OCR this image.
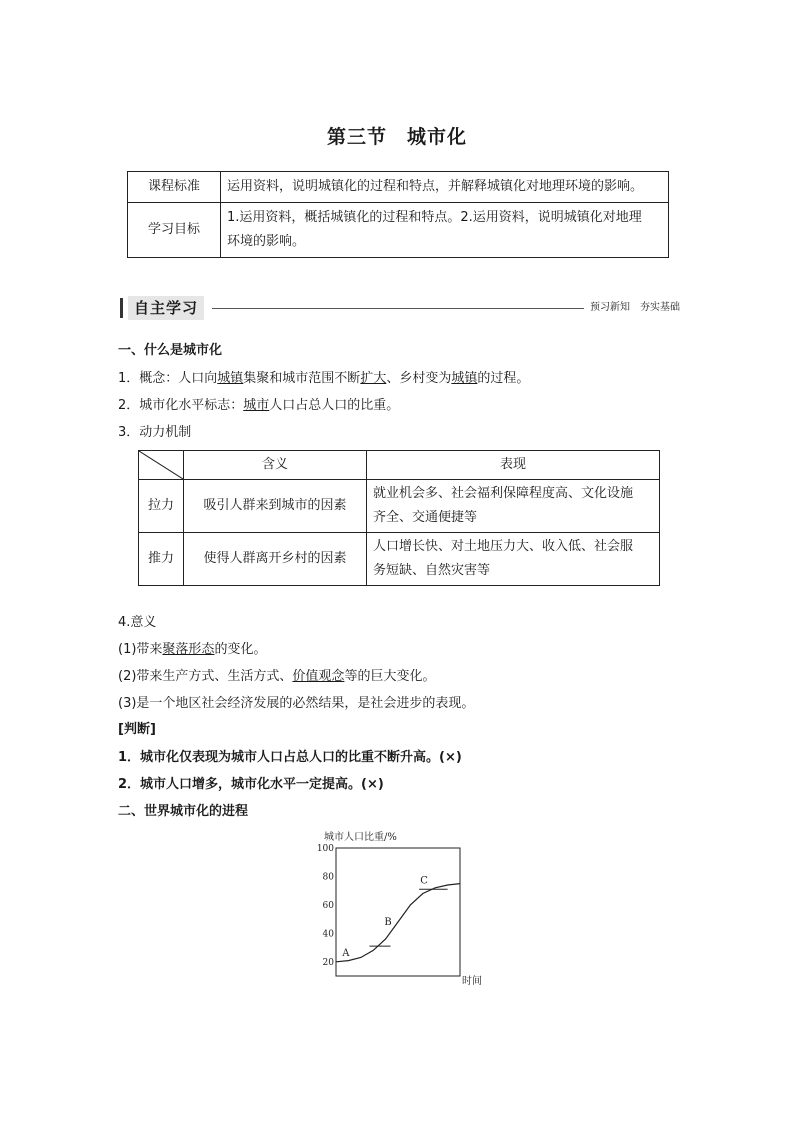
第三节　城市化
课程标准	运用资料，说明城镇化的过程和特点，并解释城镇化对地理环境的影响。
学习目标	1.运用资料，概括城镇化的过程和特点。2.运用资料，说明城镇化对地理
环境的影响。
自主学习	预习新知　夯实基础
一、什么是城市化
1．概念：人口向城镇集聚和城市范围不断扩大、乡村变为城镇的过程。
2．城市化水平标志：城市人口占总人口的比重。
3．动力机制
	含义	表现
拉力	吸引人群来到城市的因素	就业机会多、社会福利保障程度高、文化设施
齐全、交通便捷等

推力	使得人群离开乡村的因素	人口增长快、对土地压力大、收入低、社会服
务短缺、自然灾害等
4.意义
(1)带来聚落形态的变化。
(2)带来生产方式、生活方式、价值观念等的巨大变化。
(3)是一个地区社会经济发展的必然结果，是社会进步的表现。
[判断]
1．城市化仅表现为城市人口占总人口的比重不断升高。(×)
2．城市人口增多，城市化水平一定提高。(×)
二、世界城市化的进程
城市人口比重/%
时间
20
40
60
80
100
A
B
C
